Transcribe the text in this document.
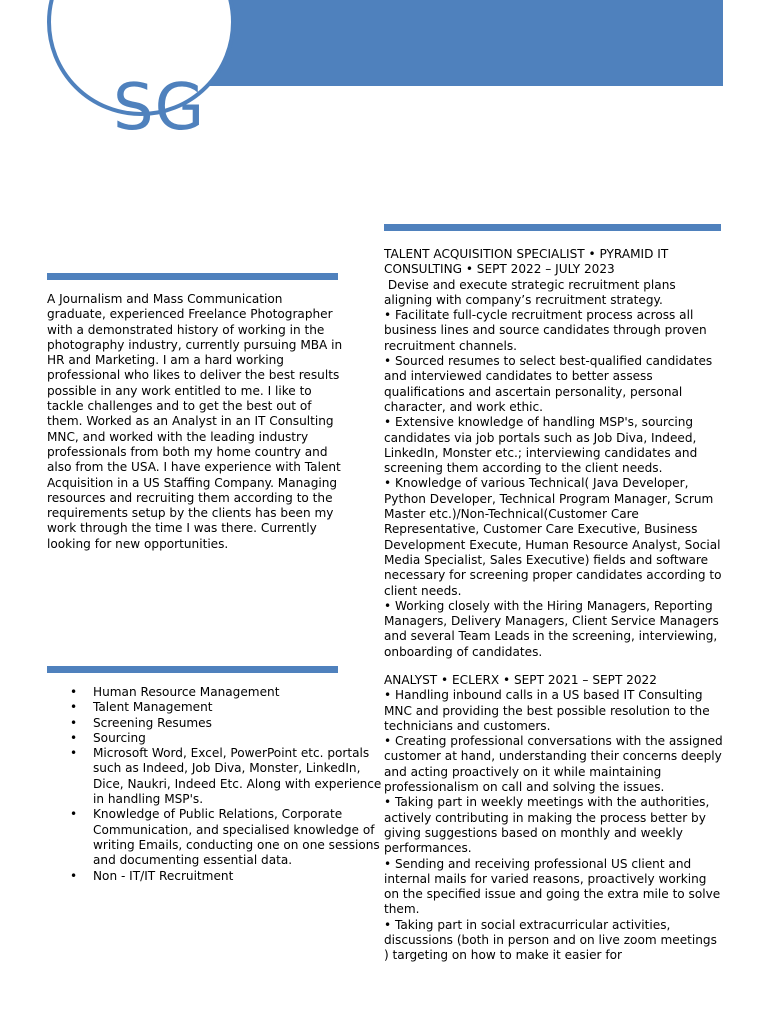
SG
A Journalism and Mass Communication graduate, experienced Freelance Photographer with a demonstrated history of working in the photography industry, currently pursuing MBA in HR and Marketing. I am a hard working professional who likes to deliver the best results possible in any work entitled to me. I like to tackle challenges and to get the best out of them. Worked as an Analyst in an IT Consulting MNC, and worked with the leading industry professionals from both my home country and also from the USA. I have experience with Talent Acquisition in a US Staffing Company. Managing resources and recruiting them according to the requirements setup by the clients has been my work through the time I was there. Currently looking for new opportunities.
• Human Resource Management
• Talent Management
• Screening Resumes
• Sourcing
• Microsoft Word, Excel, PowerPoint etc. portals such as Indeed, Job Diva, Monster, LinkedIn, Dice, Naukri, Indeed Etc. Along with experience in handling MSP's.
• Knowledge of Public Relations, Corporate Communication, and specialised knowledge of writing Emails, conducting one on one sessions and documenting essential data.
• Non - IT/IT Recruitment
TALENT ACQUISITION SPECIALIST • PYRAMID IT CONSULTING • SEPT 2022 – JULY 2023
Devise and execute strategic recruitment plans aligning with company’s recruitment strategy.
• Facilitate full-cycle recruitment process across all business lines and source candidates through proven recruitment channels.
• Sourced resumes to select best-qualified candidates and interviewed candidates to better assess qualifications and ascertain personality, personal character, and work ethic.
• Extensive knowledge of handling MSP's, sourcing candidates via job portals such as Job Diva, Indeed, LinkedIn, Monster etc.; interviewing candidates and screening them according to the client needs.
• Knowledge of various Technical( Java Developer, Python Developer, Technical Program Manager, Scrum Master etc.)/Non-Technical(Customer Care Representative, Customer Care Executive, Business Development Execute, Human Resource Analyst, Social Media Specialist, Sales Executive) fields and software necessary for screening proper candidates according to client needs.
• Working closely with the Hiring Managers, Reporting Managers, Delivery Managers, Client Service Managers and several Team Leads in the screening, interviewing, onboarding of candidates.
ANALYST • ECLERX • SEPT 2021 – SEPT 2022
• Handling inbound calls in a US based IT Consulting MNC and providing the best possible resolution to the technicians and customers.
• Creating professional conversations with the assigned customer at hand, understanding their concerns deeply and acting proactively on it while maintaining professionalism on call and solving the issues.
• Taking part in weekly meetings with the authorities, actively contributing in making the process better by giving suggestions based on monthly and weekly performances.
• Sending and receiving professional US client and internal mails for varied reasons, proactively working on the specified issue and going the extra mile to solve them.
• Taking part in social extracurricular activities, discussions (both in person and on live zoom meetings ) targeting on how to make it easier for
